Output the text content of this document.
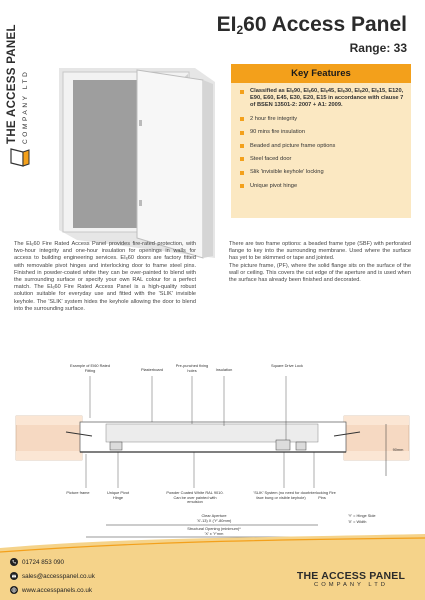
THE ACCESS PANEL COMPANY LTD
$EI_260$ Access Panel
Range: 33
Key Features
Classified as EIₑ90, EIₑ60, EIₑ45, EIₑ30, EIₑ20, EIₑ15, E120, E90, E60, E45, E30, E20, E15 in accordance with clause 7 of BSEN 13501-2: 2007 + A1: 2009.
2 hour fire integrity
90 mins fire insulation
Beaded and picture frame options
Steel faced door
Slik 'invisible keyhole' locking
Unique pivot hinge

The EIₑ60 Fire Rated Access Panel provides fire-rated protection, with two-hour integrity and one-hour insulation for openings in walls for access to building engineering services. EIₑ60 doors are factory fitted with removable pivot hinges and interlocking door to frame steel pins. Finished in powder-coated white they can be over-painted to blend with the surrounding surface or specify your own RAL colour for a perfect match. The EIₑ60 Fire Rated Access Panel is a high-quality robust solution suitable for everyday use and fitted with the 'SLIK' invisible keyhole. The 'SLIK' system hides the keyhole allowing the door to blend into the surrounding surface.

There are two frame options: a beaded frame type (SBF) with perforated flange to key into the surrounding membrane. Used where the surface has yet to be skimmed or tape and jointed.

The picture frame, (PF), where the solid flange sits on the surface of the wall or ceiling. This covers the cut edge of the aperture and is used when the surface has already been finished and decorated.

Example of EI60 Rated Fitting	Plasterboard
Pre-punched fixing holes	Insulation
Square Drive Lock
90mm
Picture frame	Unique Pivot Hinge
Powder Coated White RAL 9010. Can be over painted with emulsion
'SLIK' System (no need for door face bung or visible keyhole)
Interlocking Fire Pins
Clear Aperture
'X'-13) X ('Y'-80mm)
Structural Opening (minimum)*
'X' x 'Y'mm
'Y' = Hinge Side
'X' = Width
01724 853 090
sales@accesspanel.co.uk
www.accesspanels.co.uk
THE ACCESS PANEL
COMPANY LTD
